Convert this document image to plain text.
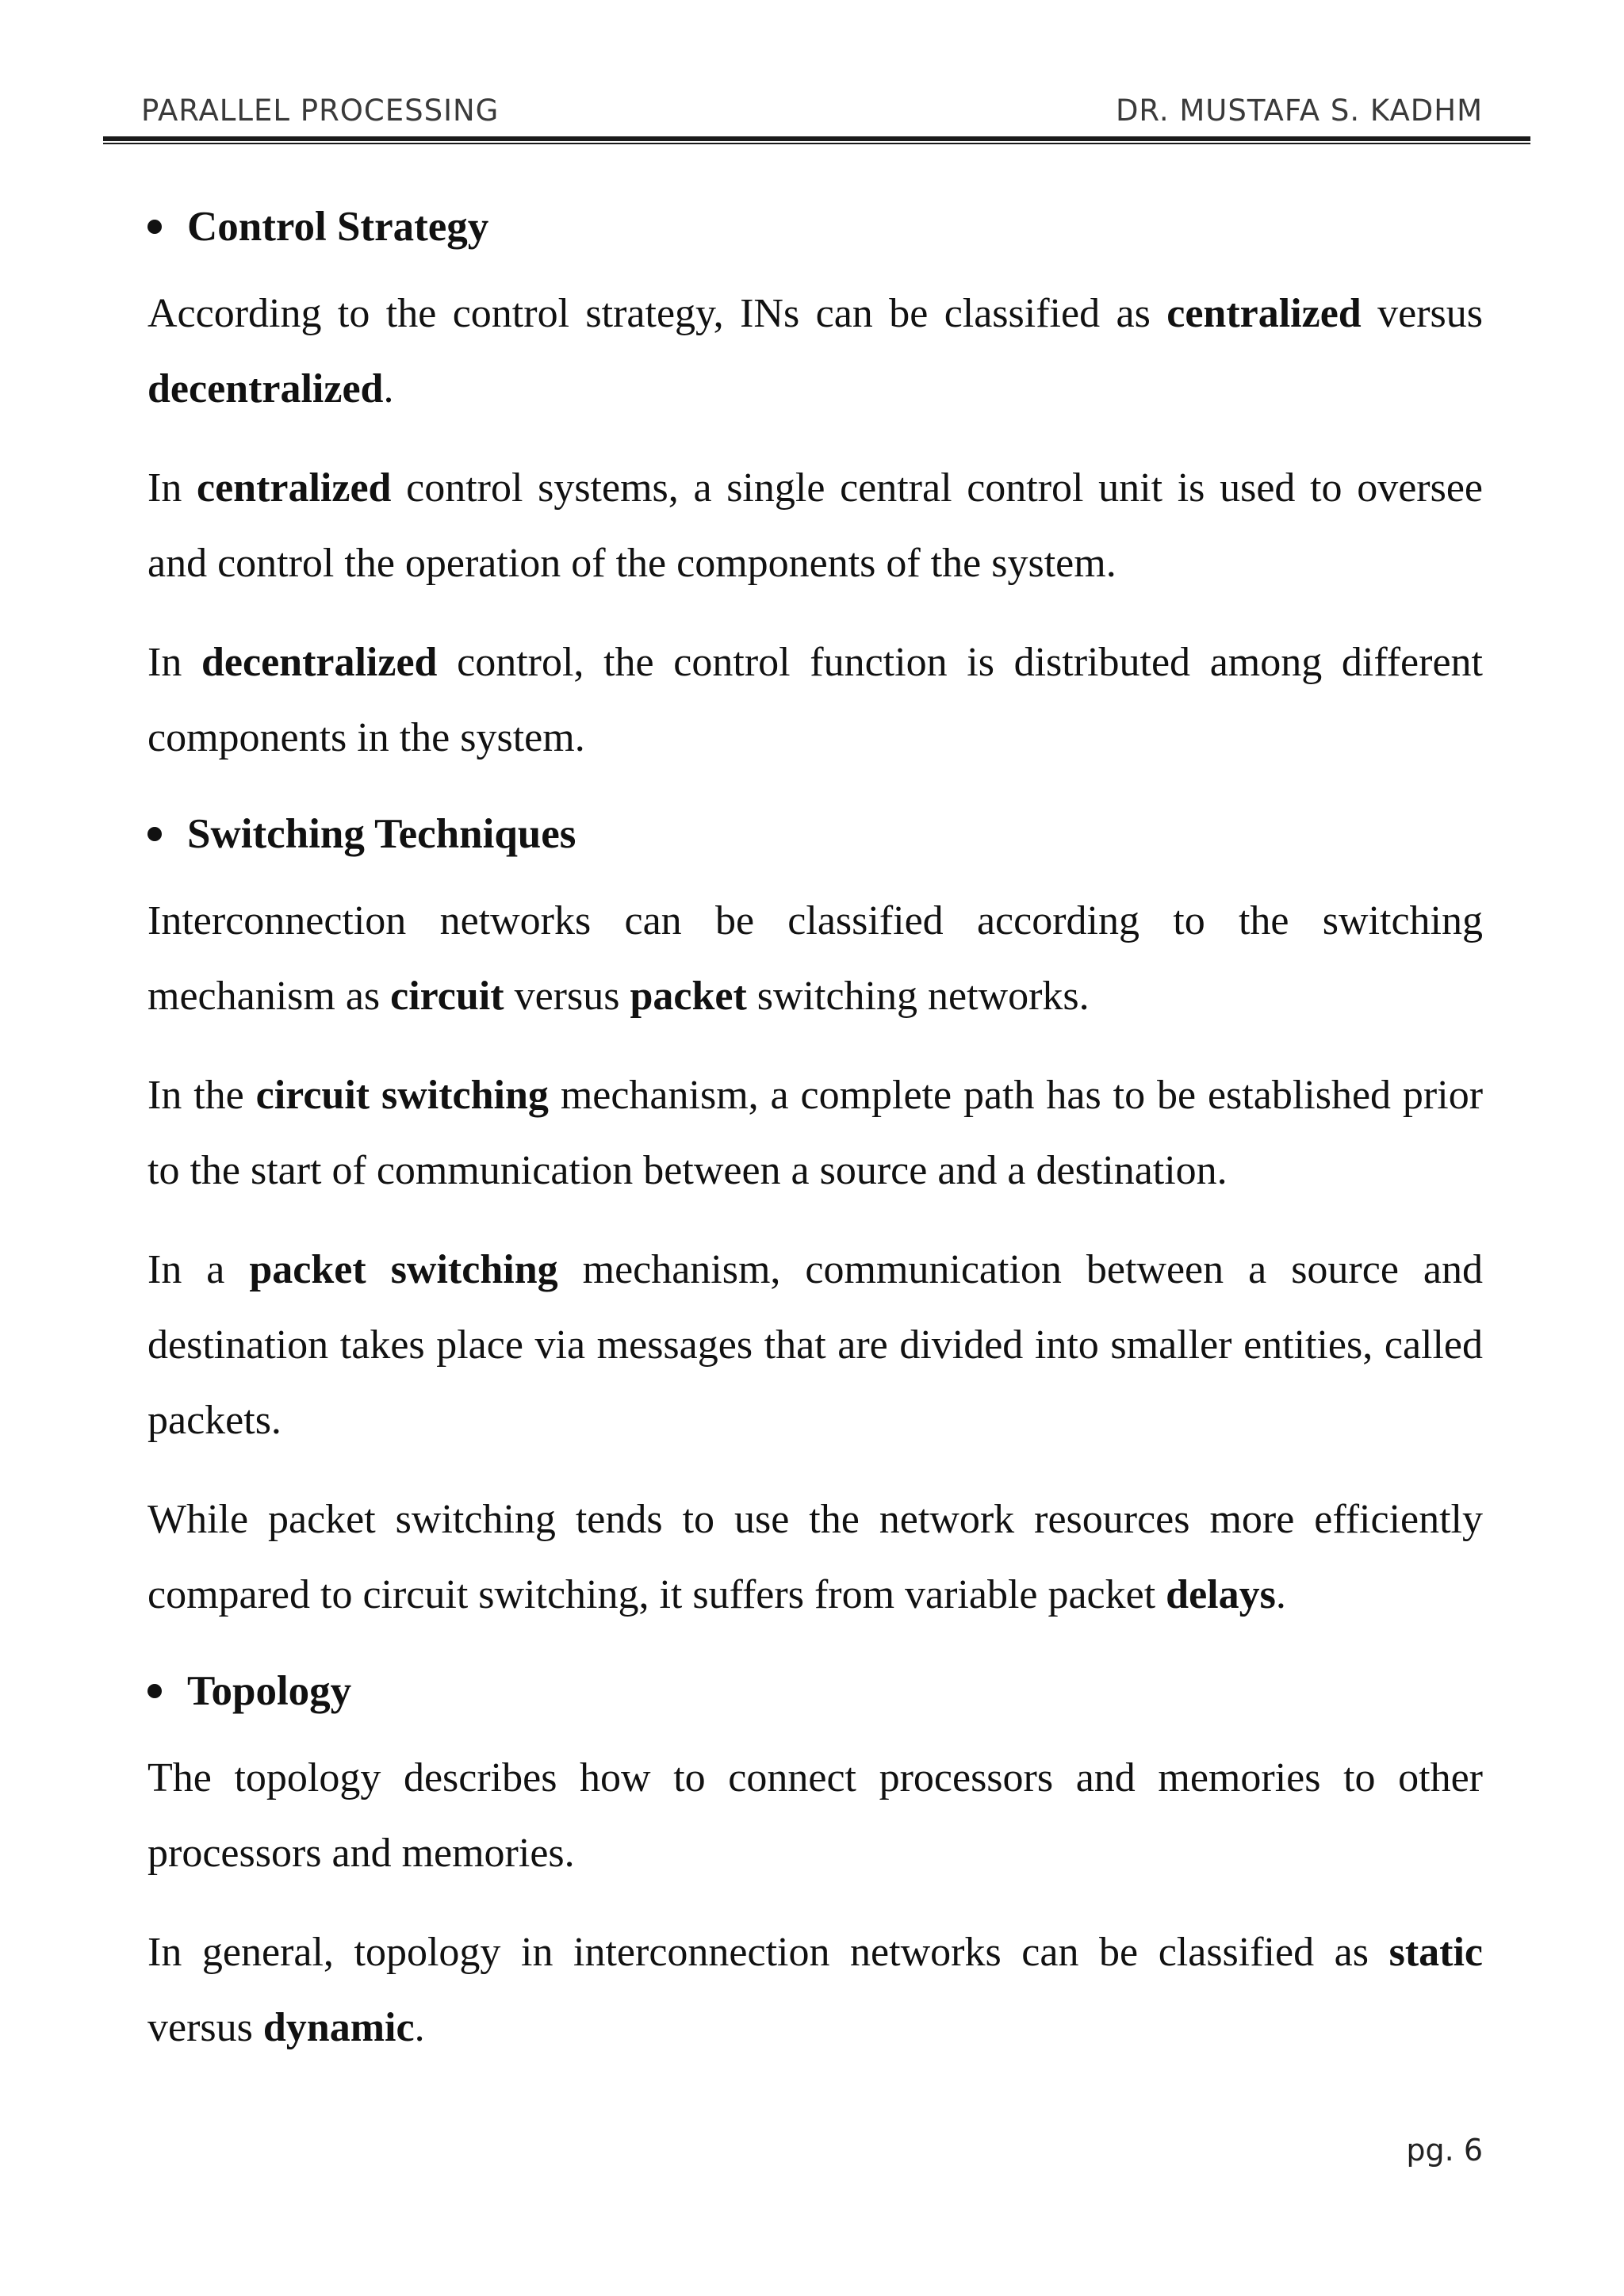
PARALLEL PROCESSING	DR. MUSTAFA S. KADHM
Control Strategy

According to the control strategy, INs can be classified as centralized versus decentralized.

In centralized control systems, a single central control unit is used to oversee and control the operation of the components of the system.

In decentralized control, the control function is distributed among different components in the system.

Switching Techniques

Interconnection networks can be classified according to the switching mechanism as circuit versus packet switching networks.

In the circuit switching mechanism, a complete path has to be established prior to the start of communication between a source and a destination.

In a packet switching mechanism, communication between a source and destination takes place via messages that are divided into smaller entities, called packets.

While packet switching tends to use the network resources more efficiently compared to circuit switching, it suffers from variable packet delays.

Topology

The topology describes how to connect processors and memories to other processors and memories.

In general, topology in interconnection networks can be classified as static versus dynamic.

pg. 6
